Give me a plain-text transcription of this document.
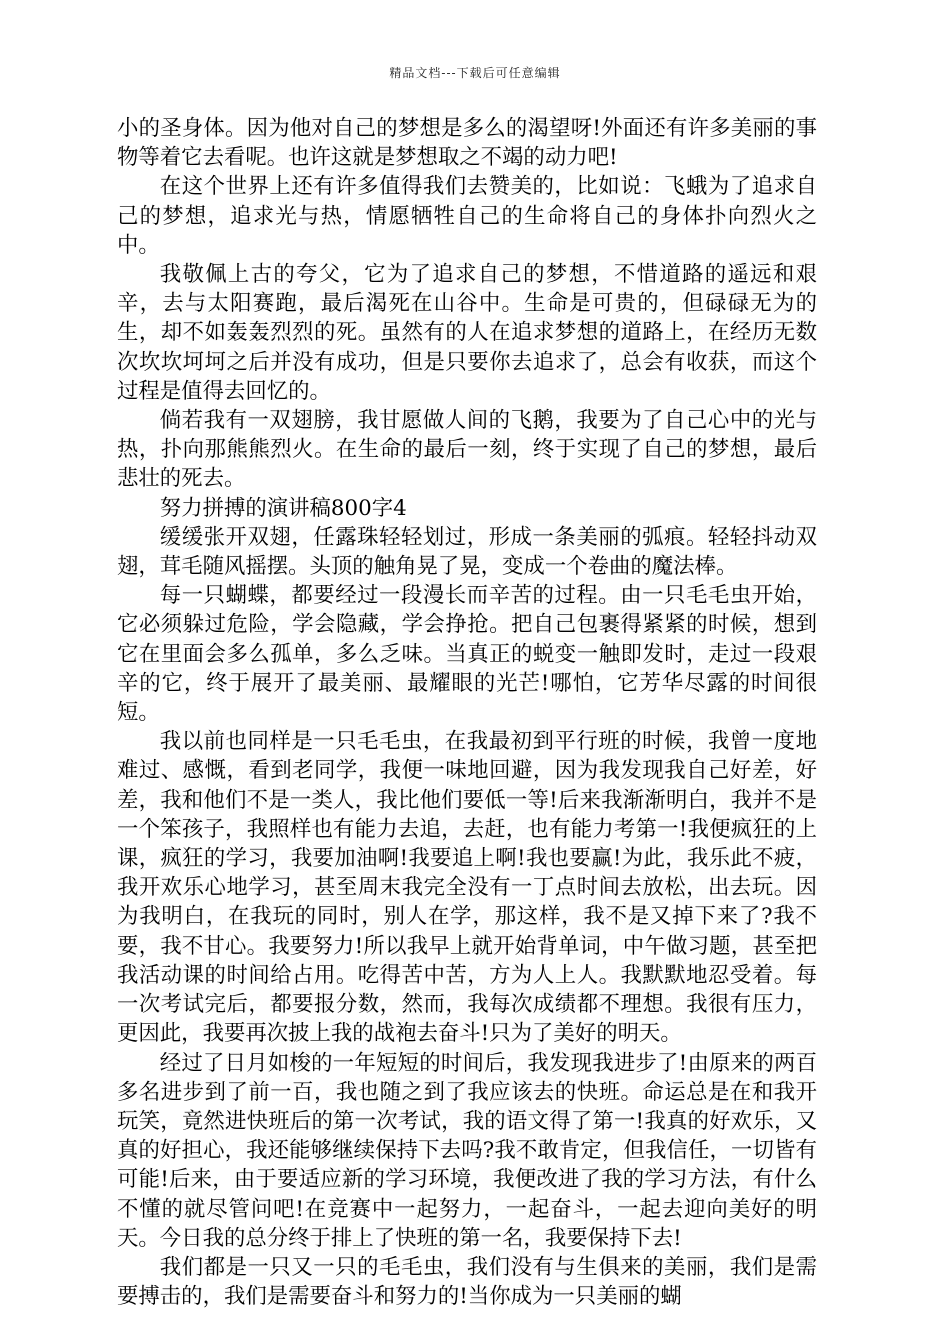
精品文档---下载后可任意编辑

小的圣身体。因为他对自己的梦想是多么的渴望呀!外面还有许多美丽的事物等着它去看呢。也许这就是梦想取之不竭的动力吧!

在这个世界上还有许多值得我们去赞美的，比如说：飞蛾为了追求自己的梦想，追求光与热，情愿牺牲自己的生命将自己的身体扑向烈火之中。

我敬佩上古的夸父，它为了追求自己的梦想，不惜道路的遥远和艰辛，去与太阳赛跑，最后渴死在山谷中。生命是可贵的，但碌碌无为的生，却不如轰轰烈烈的死。虽然有的人在追求梦想的道路上，在经历无数次坎坎坷坷之后并没有成功，但是只要你去追求了，总会有收获，而这个过程是值得去回忆的。

倘若我有一双翅膀，我甘愿做人间的飞鹅，我要为了自己心中的光与热，扑向那熊熊烈火。在生命的最后一刻，终于实现了自己的梦想，最后悲壮的死去。

努力拼搏的演讲稿800字4

缓缓张开双翅，任露珠轻轻划过，形成一条美丽的弧痕。轻轻抖动双翅，茸毛随风摇摆。头顶的触角晃了晃，变成一个卷曲的魔法棒。

每一只蝴蝶，都要经过一段漫长而辛苦的过程。由一只毛毛虫开始，它必须躲过危险，学会隐藏，学会挣抢。把自己包裹得紧紧的时候，想到它在里面会多么孤单，多么乏味。当真正的蜕变一触即发时，走过一段艰辛的它，终于展开了最美丽、最耀眼的光芒!哪怕，它芳华尽露的时间很短。

我以前也同样是一只毛毛虫，在我最初到平行班的时候，我曾一度地难过、感慨，看到老同学，我便一味地回避，因为我发现我自己好差，好差，我和他们不是一类人，我比他们要低一等!后来我渐渐明白，我并不是一个笨孩子，我照样也有能力去追，去赶，也有能力考第一!我便疯狂的上课，疯狂的学习，我要加油啊!我要追上啊!我也要赢!为此，我乐此不疲，我开欢乐心地学习，甚至周末我完全没有一丁点时间去放松，出去玩。因为我明白，在我玩的同时，别人在学，那这样，我不是又掉下来了?我不要，我不甘心。我要努力!所以我早上就开始背单词，中午做习题，甚至把我活动课的时间给占用。吃得苦中苦，方为人上人。我默默地忍受着。每一次考试完后，都要报分数，然而，我每次成绩都不理想。我很有压力，更因此，我要再次披上我的战袍去奋斗!只为了美好的明天。

经过了日月如梭的一年短短的时间后，我发现我进步了!由原来的两百多名进步到了前一百，我也随之到了我应该去的快班。命运总是在和我开玩笑，竟然进快班后的第一次考试，我的语文得了第一!我真的好欢乐，又真的好担心，我还能够继续保持下去吗?我不敢肯定，但我信任，一切皆有可能!后来，由于要适应新的学习环境，我便改进了我的学习方法，有什么不懂的就尽管问吧!在竞赛中一起努力，一起奋斗，一起去迎向美好的明天。今日我的总分终于排上了快班的第一名，我要保持下去!

我们都是一只又一只的毛毛虫，我们没有与生俱来的美丽，我们是需要搏击的，我们是需要奋斗和努力的!当你成为一只美丽的蝴
